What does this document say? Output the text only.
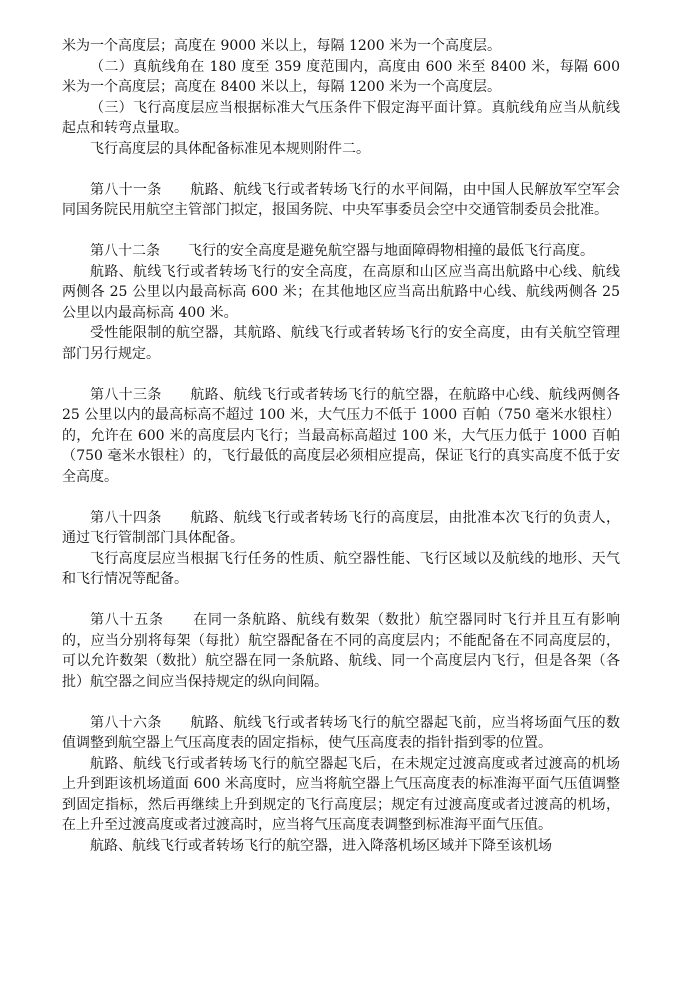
米为一个高度层；高度在 9000 米以上，每隔 1200 米为一个高度层。

（二）真航线角在 180 度至 359 度范围内，高度由 600 米至 8400 米，每隔 600 米为一个高度层；高度在 8400 米以上，每隔 1200 米为一个高度层。

（三）飞行高度层应当根据标准大气压条件下假定海平面计算。真航线角应当从航线起点和转弯点量取。

飞行高度层的具体配备标准见本规则附件二。

第八十一条　　航路、航线飞行或者转场飞行的水平间隔，由中国人民解放军空军会同国务院民用航空主管部门拟定，报国务院、中央军事委员会空中交通管制委员会批准。

第八十二条　　飞行的安全高度是避免航空器与地面障碍物相撞的最低飞行高度。

航路、航线飞行或者转场飞行的安全高度，在高原和山区应当高出航路中心线、航线两侧各 25 公里以内最高标高 600 米；在其他地区应当高出航路中心线、航线两侧各 25 公里以内最高标高 400 米。

受性能限制的航空器，其航路、航线飞行或者转场飞行的安全高度，由有关航空管理部门另行规定。

第八十三条　　航路、航线飞行或者转场飞行的航空器，在航路中心线、航线两侧各 25 公里以内的最高标高不超过 100 米，大气压力不低于 1000 百帕（750 毫米水银柱）的，允许在 600 米的高度层内飞行；当最高标高超过 100 米，大气压力低于 1000 百帕（750 毫米水银柱）的，飞行最低的高度层必须相应提高，保证飞行的真实高度不低于安全高度。

第八十四条　　航路、航线飞行或者转场飞行的高度层，由批准本次飞行的负责人，通过飞行管制部门具体配备。

飞行高度层应当根据飞行任务的性质、航空器性能、飞行区域以及航线的地形、天气和飞行情况等配备。

第八十五条　　在同一条航路、航线有数架（数批）航空器同时飞行并且互有影响的，应当分别将每架（每批）航空器配备在不同的高度层内；不能配备在不同高度层的，可以允许数架（数批）航空器在同一条航路、航线、同一个高度层内飞行，但是各架（各批）航空器之间应当保持规定的纵向间隔。

第八十六条　　航路、航线飞行或者转场飞行的航空器起飞前，应当将场面气压的数值调整到航空器上气压高度表的固定指标，使气压高度表的指针指到零的位置。

航路、航线飞行或者转场飞行的航空器起飞后，在未规定过渡高度或者过渡高的机场上升到距该机场道面 600 米高度时，应当将航空器上气压高度表的标准海平面气压值调整到固定指标，然后再继续上升到规定的飞行高度层；规定有过渡高度或者过渡高的机场，在上升至过渡高度或者过渡高时，应当将气压高度表调整到标准海平面气压值。

航路、航线飞行或者转场飞行的航空器，进入降落机场区域并下降至该机场
